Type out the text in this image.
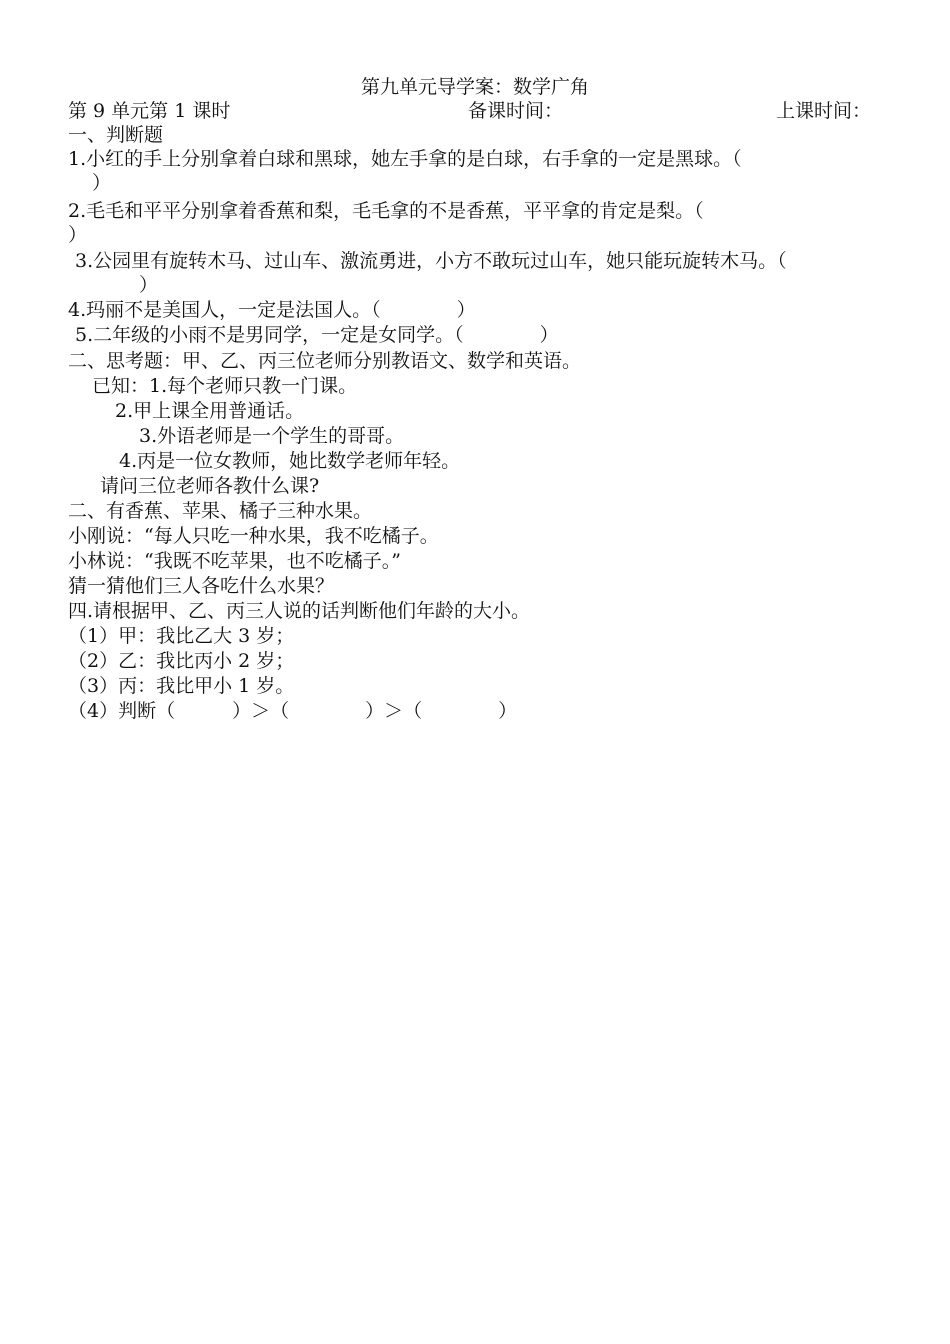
第九单元导学案：数学广角
第 9 单元第 1 课时	备课时间：	上课时间：
一、判断题
1.小红的手上分别拿着白球和黑球，她左手拿的是白球，右手拿的一定是黑球。（
）
2.毛毛和平平分别拿着香蕉和梨，毛毛拿的不是香蕉，平平拿的肯定是梨。（
）
3.公园里有旋转木马、过山车、激流勇进，小方不敢玩过山车，她只能玩旋转木马。（
）
4.玛丽不是美国人，一定是法国人。（　　　　）
5.二年级的小雨不是男同学，一定是女同学。（　　　　）
二、思考题：甲、乙、丙三位老师分别教语文、数学和英语。
已知：1.每个老师只教一门课。
2.甲上课全用普通话。
3.外语老师是一个学生的哥哥。
4.丙是一位女教师，她比数学老师年轻。
请问三位老师各教什么课?
二、有香蕉、苹果、橘子三种水果。
小刚说：“每人只吃一种水果，我不吃橘子。
小林说：“我既不吃苹果，也不吃橘子。”
猜一猜他们三人各吃什么水果？
四.请根据甲、乙、丙三人说的话判断他们年龄的大小。
（1）甲：我比乙大 3 岁；
（2）乙：我比丙小 2 岁；
（3）丙：我比甲小 1 岁。
（4）判断（　　　）＞（　　　　）＞（　　　　）
